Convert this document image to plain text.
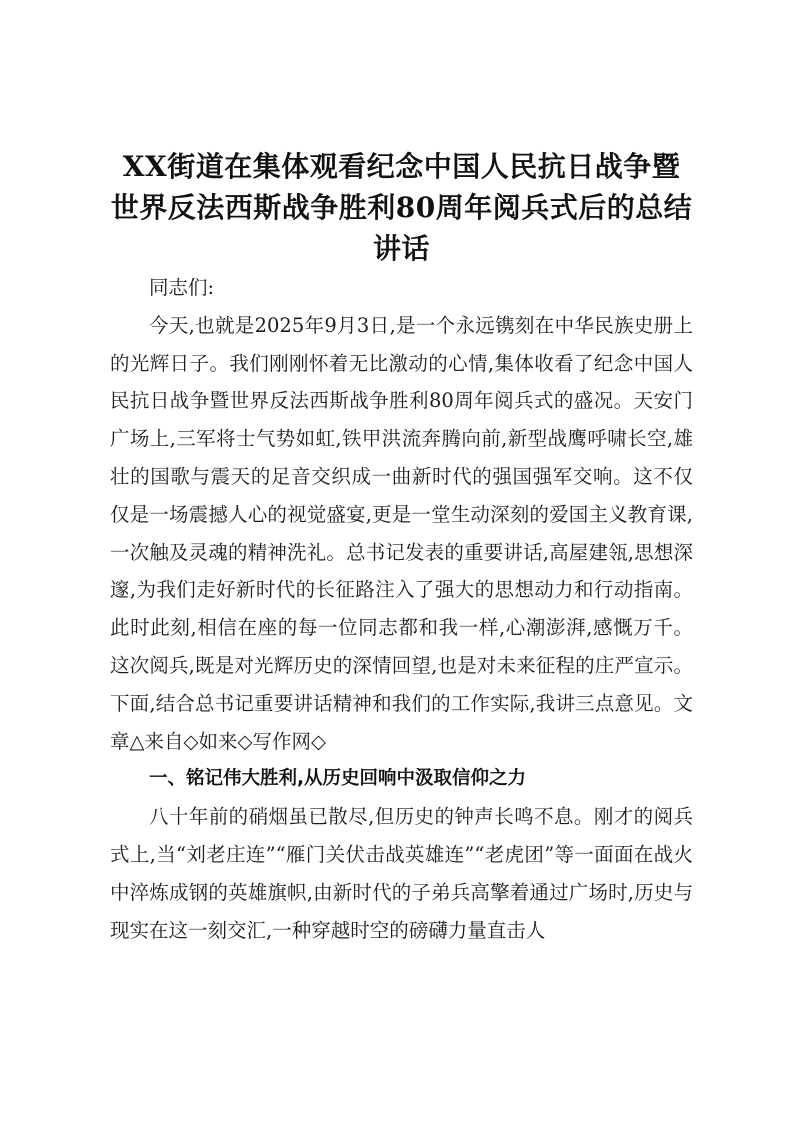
XX街道在集体观看纪念中国人民抗日战争暨世界反法西斯战争胜利80周年阅兵式后的总结讲话

同志们:

今天,也就是2025年9月3日,是一个永远镌刻在中华民族史册上的光辉日子。我们刚刚怀着无比激动的心情,集体收看了纪念中国人民抗日战争暨世界反法西斯战争胜利80周年阅兵式的盛况。天安门广场上,三军将士气势如虹,铁甲洪流奔腾向前,新型战鹰呼啸长空,雄壮的国歌与震天的足音交织成一曲新时代的强国强军交响。这不仅仅是一场震撼人心的视觉盛宴,更是一堂生动深刻的爱国主义教育课,一次触及灵魂的精神洗礼。总书记发表的重要讲话,高屋建瓴,思想深邃,为我们走好新时代的长征路注入了强大的思想动力和行动指南。此时此刻,相信在座的每一位同志都和我一样,心潮澎湃,感慨万千。这次阅兵,既是对光辉历史的深情回望,也是对未来征程的庄严宣示。下面,结合总书记重要讲话精神和我们的工作实际,我讲三点意见。文章△来自◇如来◇写作网◇

一、铭记伟大胜利,从历史回响中汲取信仰之力

八十年前的硝烟虽已散尽,但历史的钟声长鸣不息。刚才的阅兵式上,当“刘老庄连”“雁门关伏击战英雄连”“老虎团”等一面面在战火中淬炼成钢的英雄旗帜,由新时代的子弟兵高擎着通过广场时,历史与现实在这一刻交汇,一种穿越时空的磅礴力量直击人
